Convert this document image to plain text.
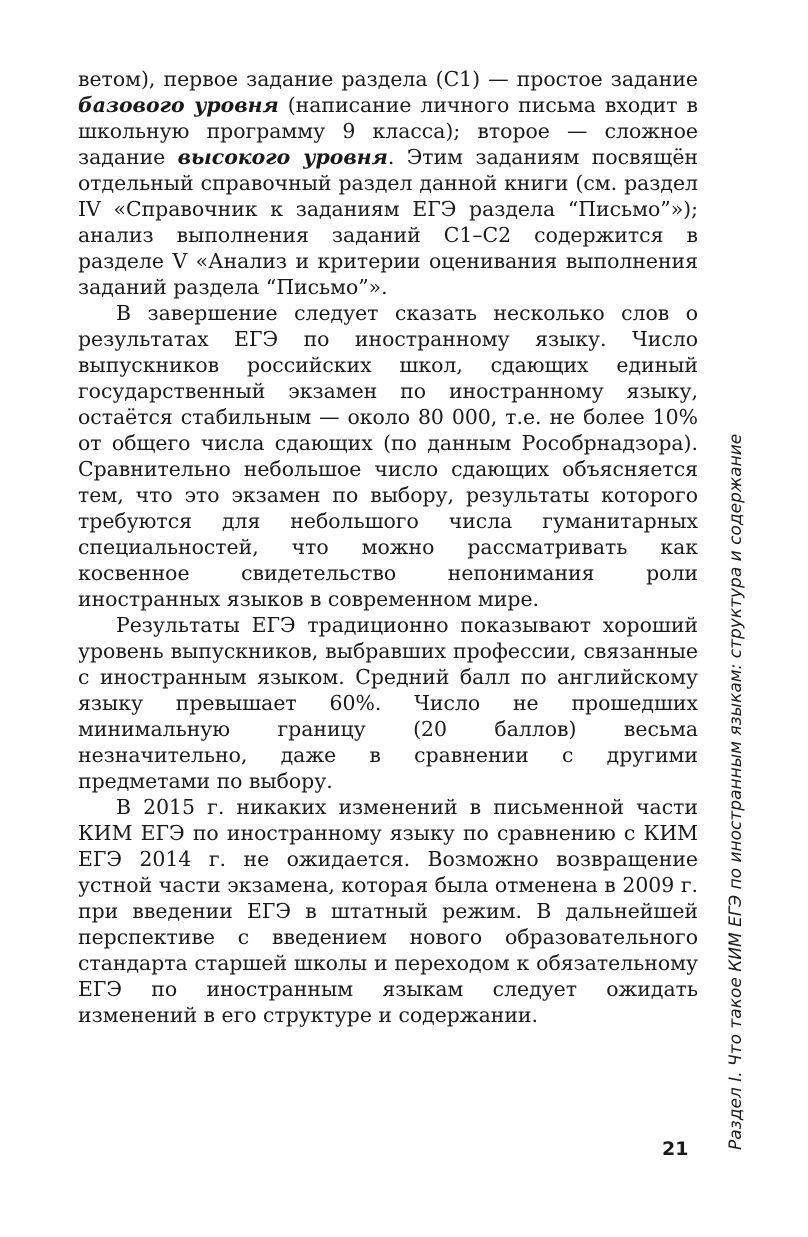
ветом), первое задание раздела (С1) — простое задание базового уровня (написание личного письма входит в школьную программу 9 класса); второе — сложное задание высокого уровня. Этим заданиям посвящён отдельный справочный раздел данной книги (см. раздел IV «Справочник к заданиям ЕГЭ раздела “Письмо”»); анализ выполнения заданий С1–С2 содержится в разделе V «Анализ и критерии оценивания выполнения заданий раздела “Письмо”».

В завершение следует сказать несколько слов о результатах ЕГЭ по иностранному языку. Число выпускников российских школ, сдающих единый государственный экзамен по иностранному языку, остаётся стабильным — около 80 000, т.е. не более 10% от общего числа сдающих (по данным Рособрнадзора). Сравнительно небольшое число сдающих объясняется тем, что это экзамен по выбору, результаты которого требуются для небольшого числа гуманитарных специальностей, что можно рассматривать как косвенное свидетельство непонимания роли иностранных языков в современном мире.

Результаты ЕГЭ традиционно показывают хороший уровень выпускников, выбравших профессии, связанные с иностранным языком. Средний балл по английскому языку превышает 60%. Число не прошедших минимальную границу (20 баллов) весьма незначительно, даже в сравнении с другими предметами по выбору.

В 2015 г. никаких изменений в письменной части КИМ ЕГЭ по иностранному языку по сравнению с КИМ ЕГЭ 2014 г. не ожидается. Возможно возвращение устной части экзамена, которая была отменена в 2009 г. при введении ЕГЭ в штатный режим. В дальнейшей перспективе с введением нового образовательного стандарта старшей школы и переходом к обязательному ЕГЭ по иностранным языкам следует ожидать изменений в его структуре и содержании.	Раздел I. Что такое КИМ ЕГЭ по иностранным языкам: структура и содержание
21
